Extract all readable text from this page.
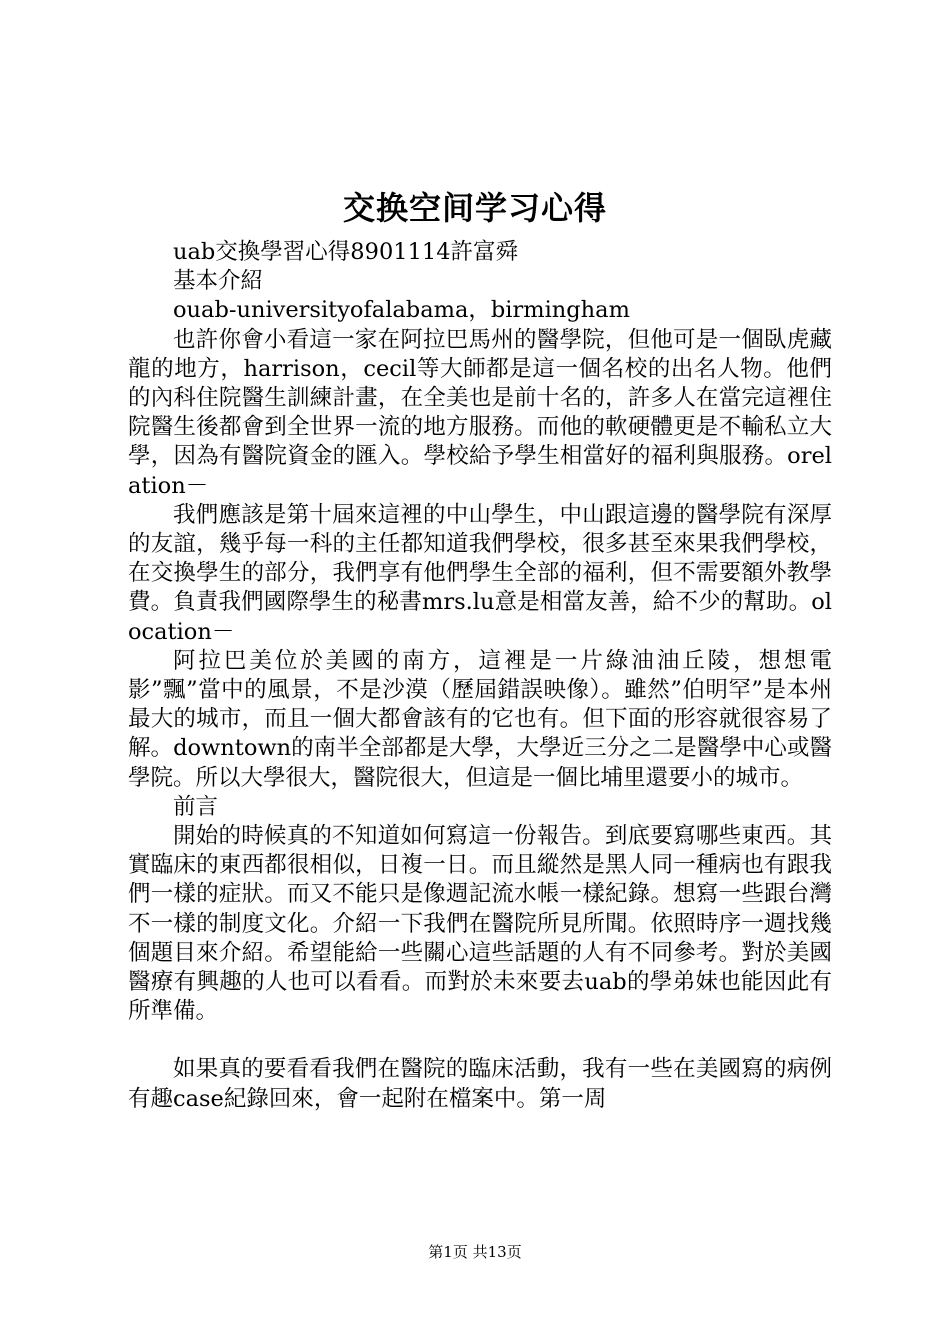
交换空间学习心得

uab交換學習心得8901114許富舜

基本介紹

ouab-universityofalabama，birmingham

也許你會小看這一家在阿拉巴馬州的醫學院，但他可是一個臥虎藏龍的地方，harrison，cecil等大師都是這一個名校的出名人物。他們的內科住院醫生訓練計畫，在全美也是前十名的，許多人在當完這裡住院醫生後都會到全世界一流的地方服務。而他的軟硬體更是不輸私立大學，因為有醫院資金的匯入。學校給予學生相當好的福利與服務。orelation－

我們應該是第十屆來這裡的中山學生，中山跟這邊的醫學院有深厚的友誼，幾乎每一科的主任都知道我們學校，很多甚至來果我們學校，在交換學生的部分，我們享有他們學生全部的福利，但不需要額外教學費。負責我們國際學生的秘書mrs.lu意是相當友善，給不少的幫助。olocation－

阿拉巴美位於美國的南方，這裡是一片綠油油丘陵，想想電影”飄”當中的風景，不是沙漠（歷屆錯誤映像）。雖然”伯明罕”是本州最大的城市，而且一個大都會該有的它也有。但下面的形容就很容易了解。downtown的南半全部都是大學，大學近三分之二是醫學中心或醫學院。所以大學很大，醫院很大，但這是一個比埔里還要小的城市。

前言

開始的時候真的不知道如何寫這一份報告。到底要寫哪些東西。其實臨床的東西都很相似，日複一日。而且縱然是黑人同一種病也有跟我們一樣的症狀。而又不能只是像週記流水帳一樣紀錄。想寫一些跟台灣不一樣的制度文化。介紹一下我們在醫院所見所聞。依照時序一週找幾個題目來介紹。希望能給一些關心這些話題的人有不同參考。對於美國醫療有興趣的人也可以看看。而對於未來要去uab的學弟妹也能因此有所準備。

如果真的要看看我們在醫院的臨床活動，我有一些在美國寫的病例有趣case紀錄回來，會一起附在檔案中。第一周

第1页 共13页
